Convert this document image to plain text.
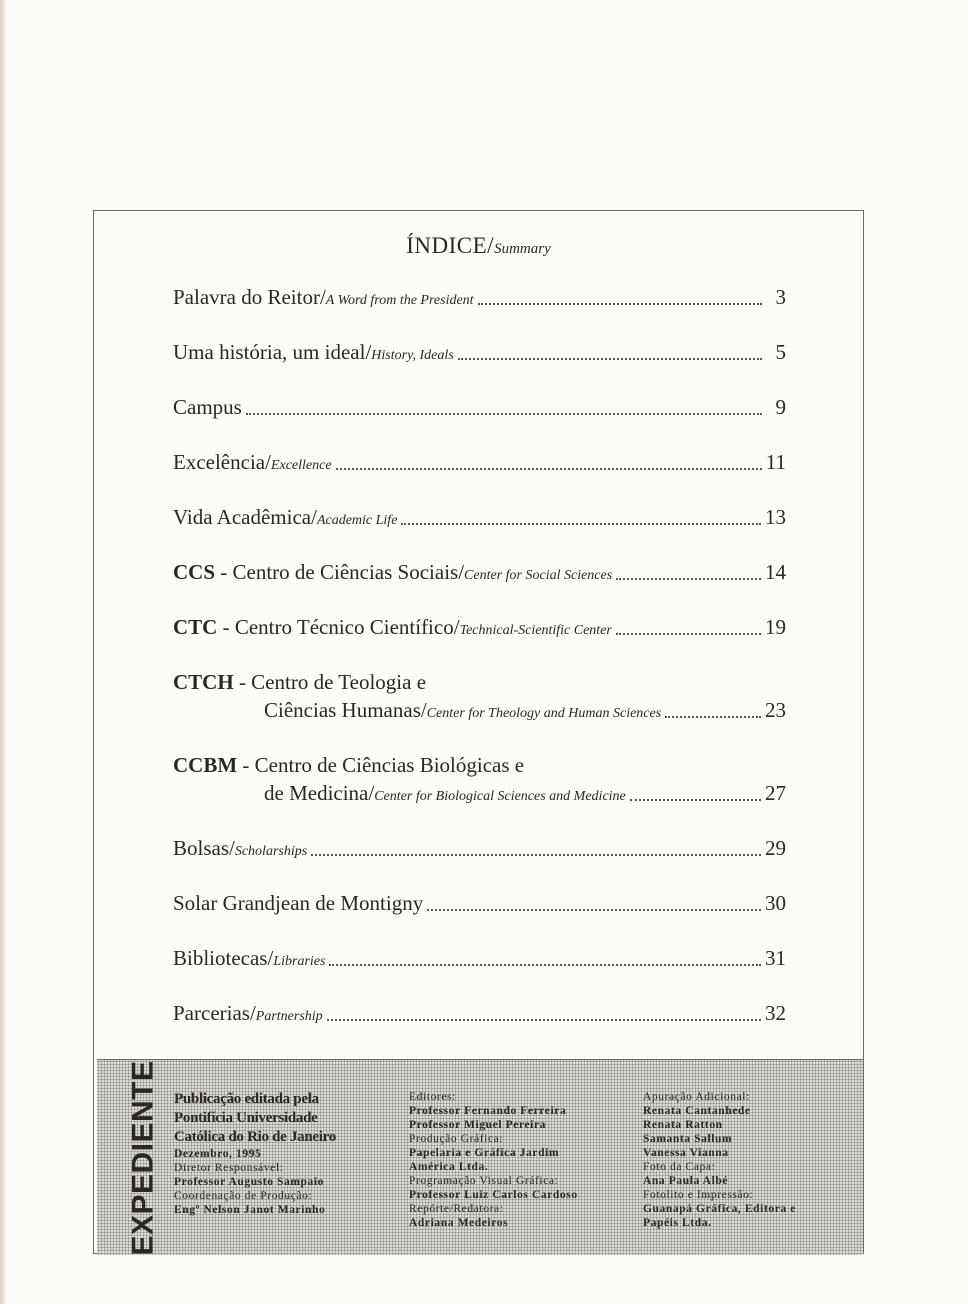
ÍNDICE/Summary
Palavra do Reitor/ A Word from the President	3
Uma história, um ideal/ History, Ideals	5
Campus	9
Excelência/ Excellence	11
Vida Acadêmica/ Academic Life	13
CCS - Centro de Ciências Sociais/ Center for Social Sciences	14
CTC - Centro Técnico Científico/ Technical-Scientific Center	19
CTCH - Centro de Teologia e
Ciências Humanas/ Center for Theology and Human Sciences	23
CCBM - Centro de Ciências Biológicas e
de Medicina/ Center for Biological Sciences and Medicine	27
Bolsas/ Scholarships	29
Solar Grandjean de Montigny	30
Bibliotecas/ Libraries	31
Parcerias/ Partnership	32
EXPEDIENTE Publicação editada pela
Pontifícia Universidade
Católica do Rio de Janeiro
Dezembro, 1995
Diretor Responsável:
Professor Augusto Sampaio
Coordenação de Produção:
Engº Nelson Janot Marinho
Editores:
Professor Fernando Ferreira
Professor Miguel Pereira
Produção Gráfica:
Papelaria e Gráfica Jardim
América Ltda.
Programação Visual Gráfica:
Professor Luiz Carlos Cardoso
Repórte/Redatora:
Adriana Medeiros
Apuração Adicional:
Renata Cantanhede
Renata Ratton
Samanta Sallum
Vanessa Vianna
Foto da Capa:
Ana Paula Albé
Fotolito e Impressão:
Guanapá Gráfica, Editora e
Papéis Ltda.
